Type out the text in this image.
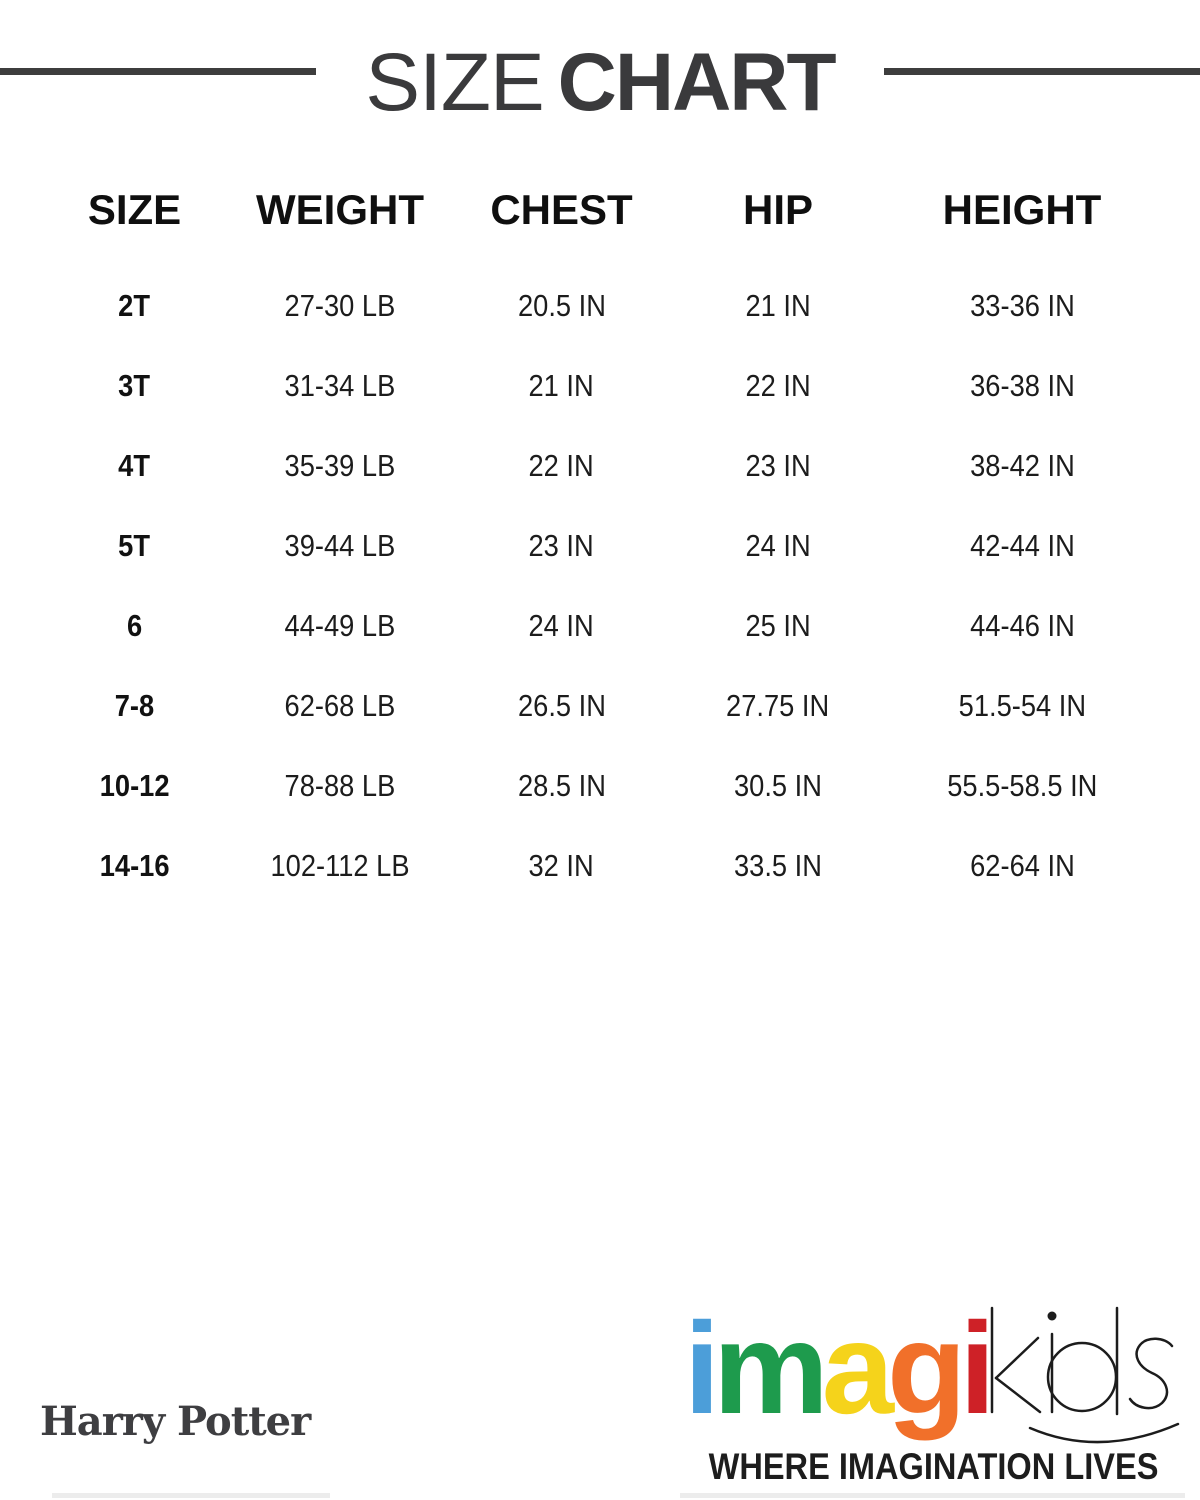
SIZE CHART
SIZE	WEIGHT	CHEST	HIP	HEIGHT
2T	27-30 LB	20.5 IN	21 IN	33-36 IN
3T	31-34 LB	21 IN	22 IN	36-38 IN
4T	35-39 LB	22 IN	23 IN	38-42 IN
5T	39-44 LB	23 IN	24 IN	42-44 IN
6	44-49 LB	24 IN	25 IN	44-46 IN
7-8	62-68 LB	26.5 IN	27.75 IN	51.5-54 IN
10-12	78-88 LB	28.5 IN	30.5 IN	55.5-58.5 IN
14-16	102-112 LB	32 IN	33.5 IN	62-64 IN
Harry Potter	imagi
WHERE IMAGINATION LIVES
